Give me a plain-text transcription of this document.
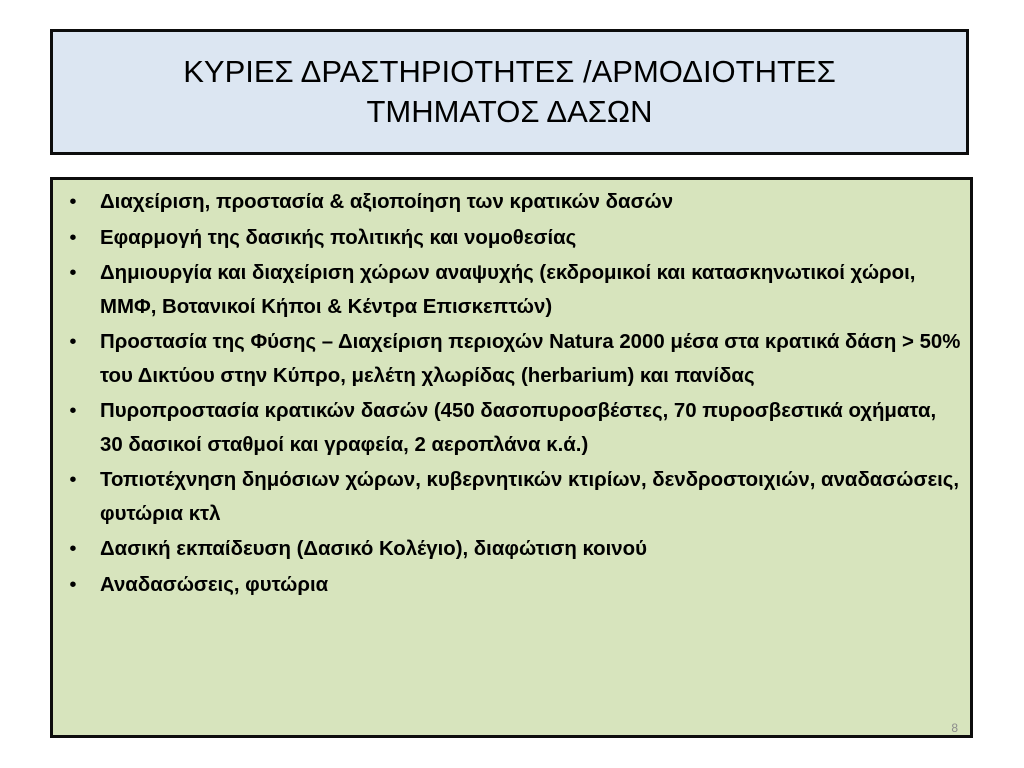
ΚΥΡΙΕΣ ΔΡΑΣΤΗΡΙΟΤΗΤΕΣ /ΑΡΜΟΔΙΟΤΗΤΕΣ
ΤΜΗΜΑΤΟΣ ΔΑΣΩΝ
•	Διαχείριση, προστασία & αξιοποίηση των κρατικών δασών
•	Εφαρμογή της δασικής πολιτικής και νομοθεσίας
•	Δημιουργία και διαχείριση χώρων αναψυχής (εκδρομικοί και κατασκηνωτικοί χώροι, ΜΜΦ, Βοτανικοί Κήποι & Κέντρα Επισκεπτών)
•	Προστασία της Φύσης – Διαχείριση περιοχών Natura 2000 μέσα στα κρατικά δάση > 50% του Δικτύου στην Κύπρο, μελέτη χλωρίδας (herbarium) και πανίδας
•	Πυροπροστασία κρατικών δασών (450 δασοπυροσβέστες, 70 πυροσβεστικά οχήματα, 30 δασικοί σταθμοί και γραφεία, 2 αεροπλάνα κ.ά.)
•	Τοπιοτέχνηση δημόσιων χώρων, κυβερνητικών κτιρίων, δενδροστοιχιών, αναδασώσεις, φυτώρια κτλ
•	Δασική εκπαίδευση (Δασικό Κολέγιο), διαφώτιση κοινού
•	Αναδασώσεις, φυτώρια
8
